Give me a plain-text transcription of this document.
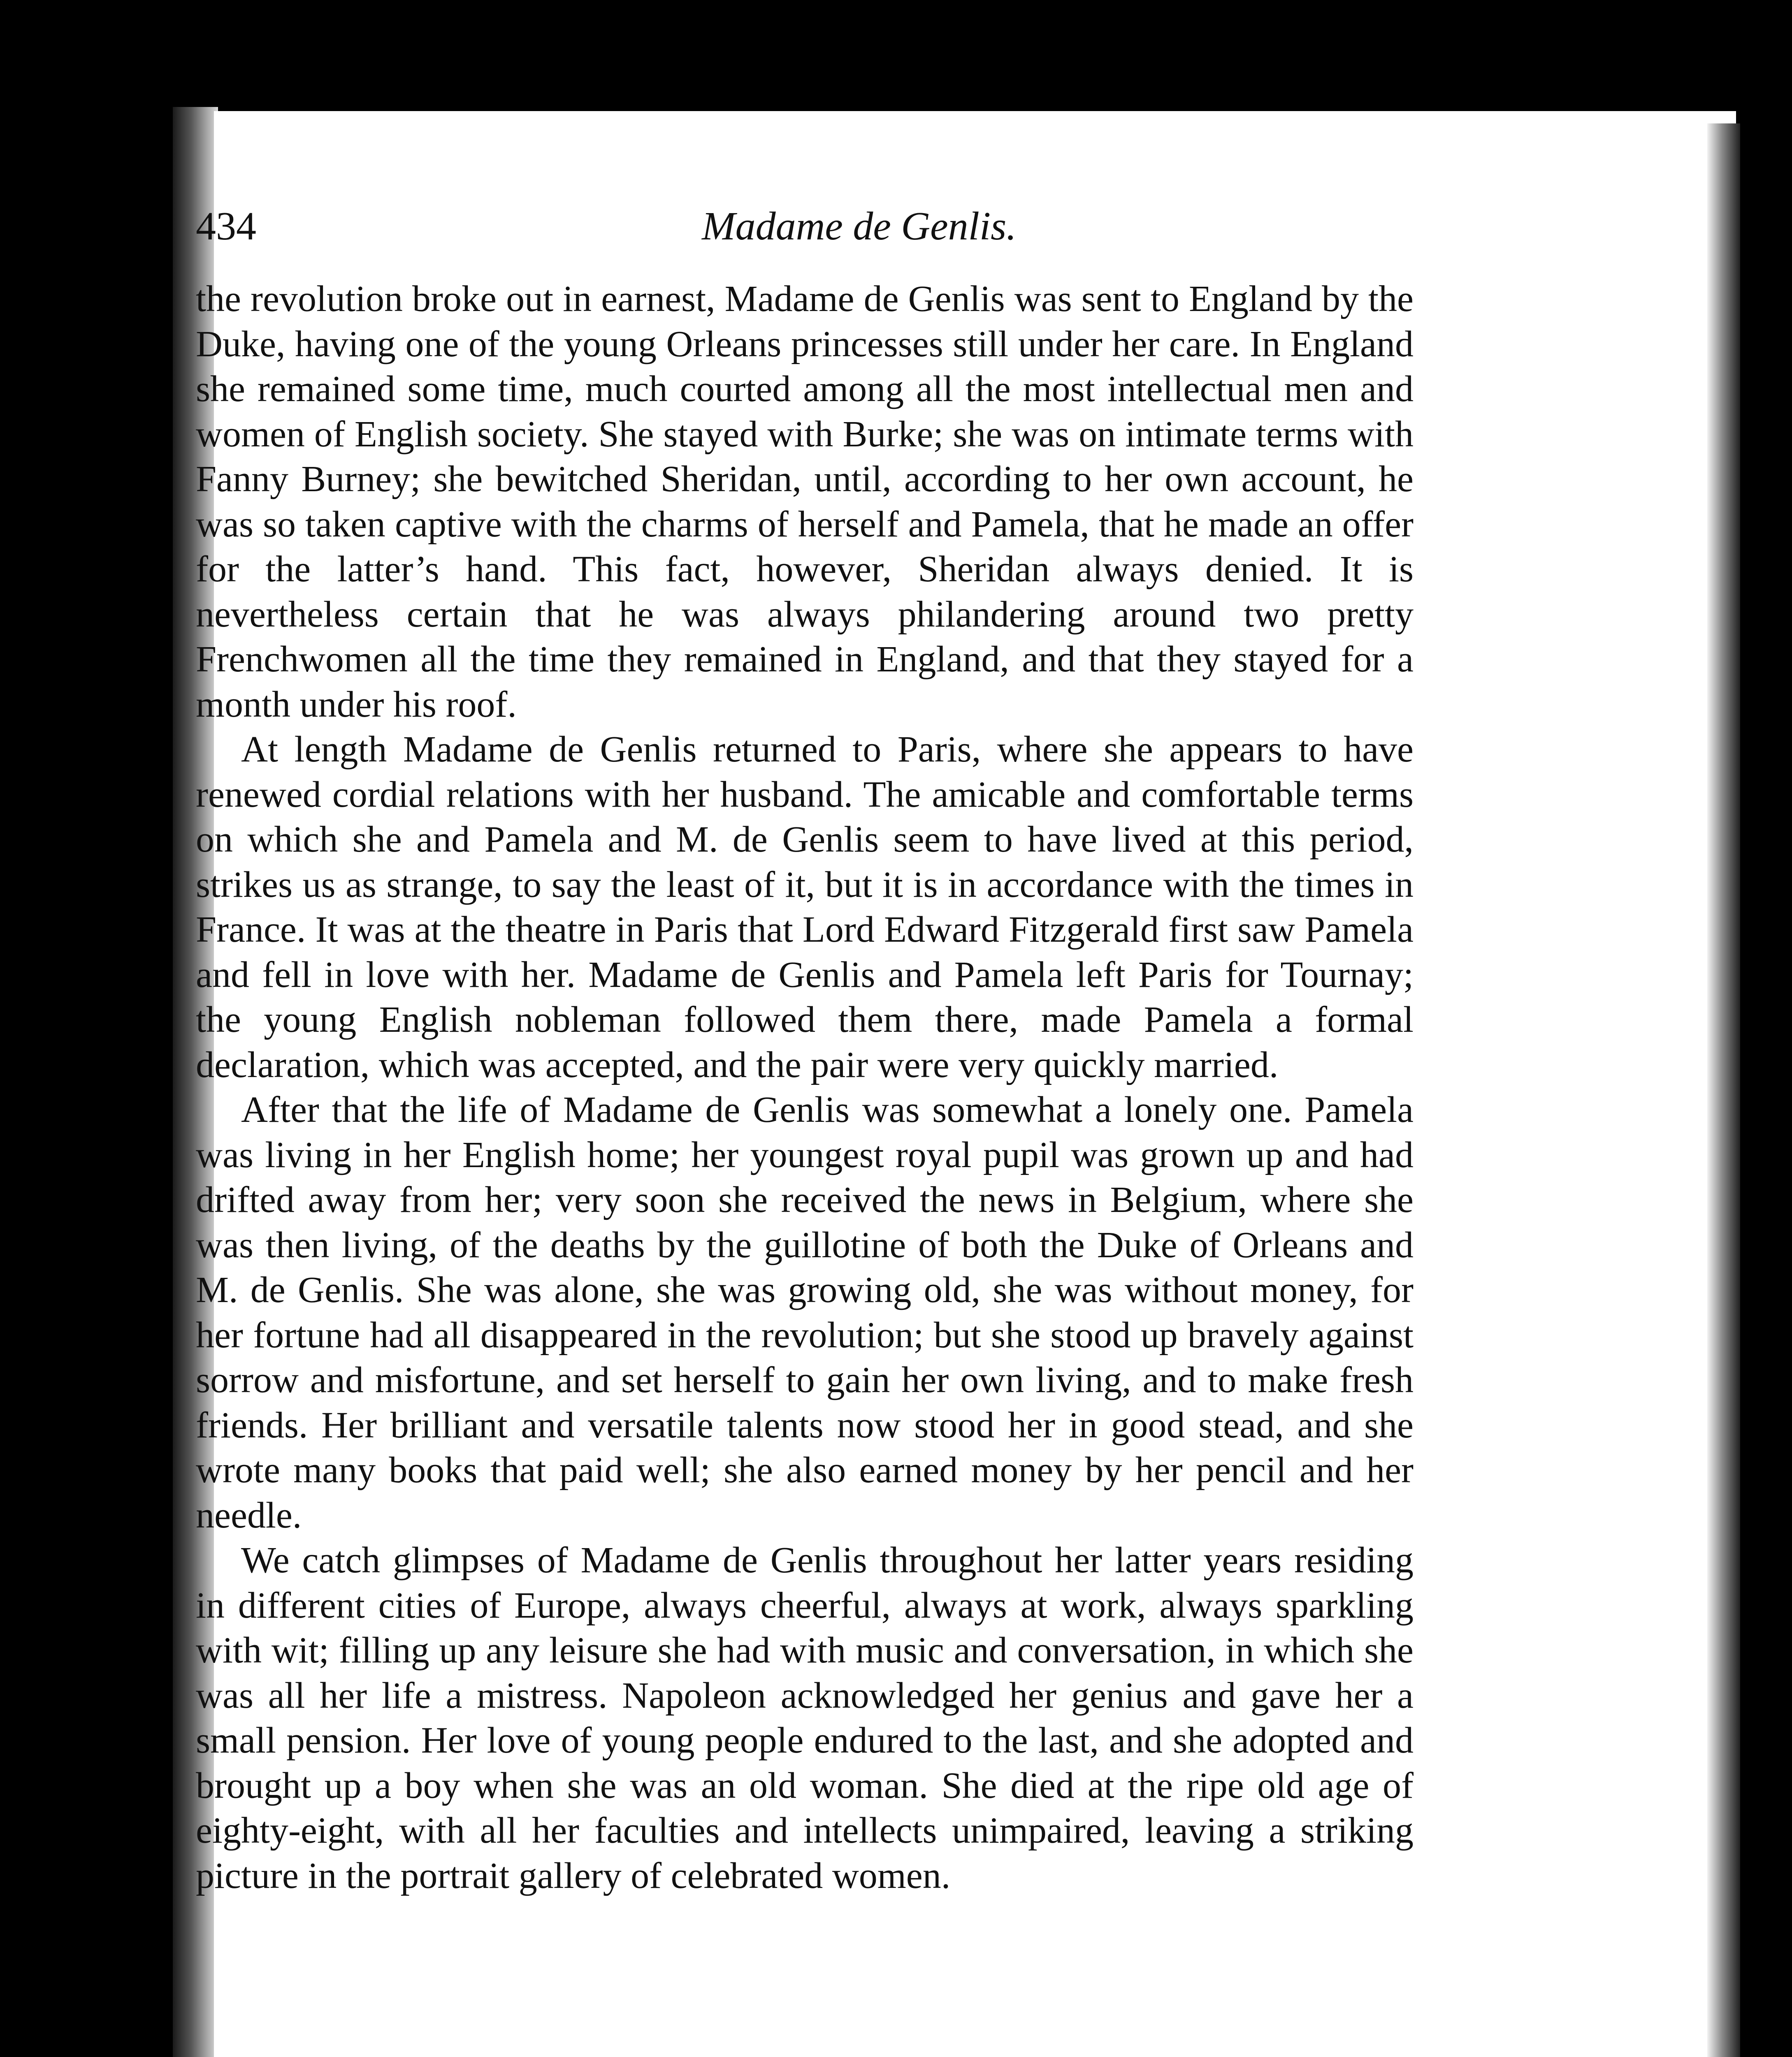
434	Madame de Genlis.

the revolution broke out in earnest, Madame de Genlis was sent to England by the Duke, having one of the young Orleans princesses still under her care. In England she remained some time, much courted among all the most intellectual men and women of English society. She stayed with Burke; she was on intimate terms with Fanny Burney; she bewitched Sheridan, until, according to her own account, he was so taken captive with the charms of herself and Pamela, that he made an offer for the latter’s hand. This fact, however, Sheridan always denied. It is nevertheless certain that he was always philandering around two pretty Frenchwomen all the time they remained in England, and that they stayed for a month under his roof.

At length Madame de Genlis returned to Paris, where she appears to have renewed cordial relations with her husband. The amicable and comfortable terms on which she and Pamela and M. de Genlis seem to have lived at this period, strikes us as strange, to say the least of it, but it is in accordance with the times in France. It was at the theatre in Paris that Lord Edward Fitzgerald first saw Pamela and fell in love with her. Madame de Genlis and Pamela left Paris for Tournay; the young English nobleman followed them there, made Pamela a formal declaration, which was accepted, and the pair were very quickly married.

After that the life of Madame de Genlis was somewhat a lonely one. Pamela was living in her English home; her youngest royal pupil was grown up and had drifted away from her; very soon she received the news in Belgium, where she was then living, of the deaths by the guillotine of both the Duke of Orleans and M. de Genlis. She was alone, she was growing old, she was without money, for her fortune had all disappeared in the revolution; but she stood up bravely against sorrow and misfortune, and set herself to gain her own living, and to make fresh friends. Her brilliant and versatile talents now stood her in good stead, and she wrote many books that paid well; she also earned money by her pencil and her needle.

We catch glimpses of Madame de Genlis throughout her latter years residing in different cities of Europe, always cheerful, always at work, always sparkling with wit; filling up any leisure she had with music and conversation, in which she was all her life a mistress. Napoleon acknowledged her genius and gave her a small pension. Her love of young people endured to the last, and she adopted and brought up a boy when she was an old woman. She died at the ripe old age of eighty-eight, with all her faculties and intellects unimpaired, leaving a striking picture in the portrait gallery of celebrated women.
